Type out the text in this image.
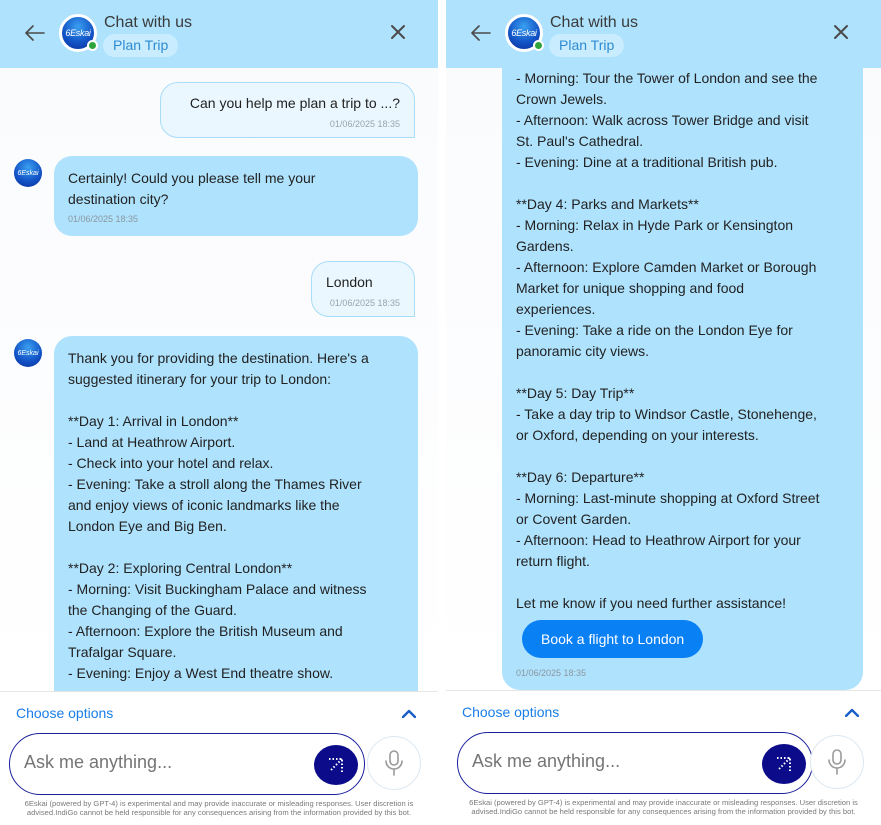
6Eskai
Chat with us
Plan Trip
Can you help me plan a trip to ...?
01/06/2025 18:35
6Eskai Certainly! Could you please tell me your
destination city?
01/06/2025 18:35
London
01/06/2025 18:35
6Eskai Thank you for providing the destination. Here's a
suggested itinerary for your trip to London:
**Day 1: Arrival in London**
- Land at Heathrow Airport.
- Check into your hotel and relax.
- Evening: Take a stroll along the Thames River
and enjoy views of iconic landmarks like the
London Eye and Big Ben.
**Day 2: Exploring Central London**
- Morning: Visit Buckingham Palace and witness
the Changing of the Guard.
- Afternoon: Explore the British Museum and
Trafalgar Square.
- Evening: Enjoy a West End theatre show.
Choose options
Ask me anything...
6Eskai (powered by GPT-4) is experimental and may provide inaccurate or misleading responses. User discretion is advised.IndiGo cannot be held responsible for any consequences arising from the information provided by this bot.
6Eskai
Chat with us
Plan Trip
- Morning: Tour the Tower of London and see the
Crown Jewels.
- Afternoon: Walk across Tower Bridge and visit
St. Paul's Cathedral.
- Evening: Dine at a traditional British pub.
**Day 4: Parks and Markets**
- Morning: Relax in Hyde Park or Kensington
Gardens.
- Afternoon: Explore Camden Market or Borough
Market for unique shopping and food
experiences.
- Evening: Take a ride on the London Eye for
panoramic city views.
**Day 5: Day Trip**
- Take a day trip to Windsor Castle, Stonehenge,
or Oxford, depending on your interests.
**Day 6: Departure**
- Morning: Last-minute shopping at Oxford Street
or Covent Garden.
- Afternoon: Head to Heathrow Airport for your
return flight.
Let me know if you need further assistance!
Book a flight to London
01/06/2025 18:35
Choose options
Ask me anything...
6Eskai (powered by GPT-4) is experimental and may provide inaccurate or misleading responses. User discretion is advised.IndiGo cannot be held responsible for any consequences arising from the information provided by this bot.
